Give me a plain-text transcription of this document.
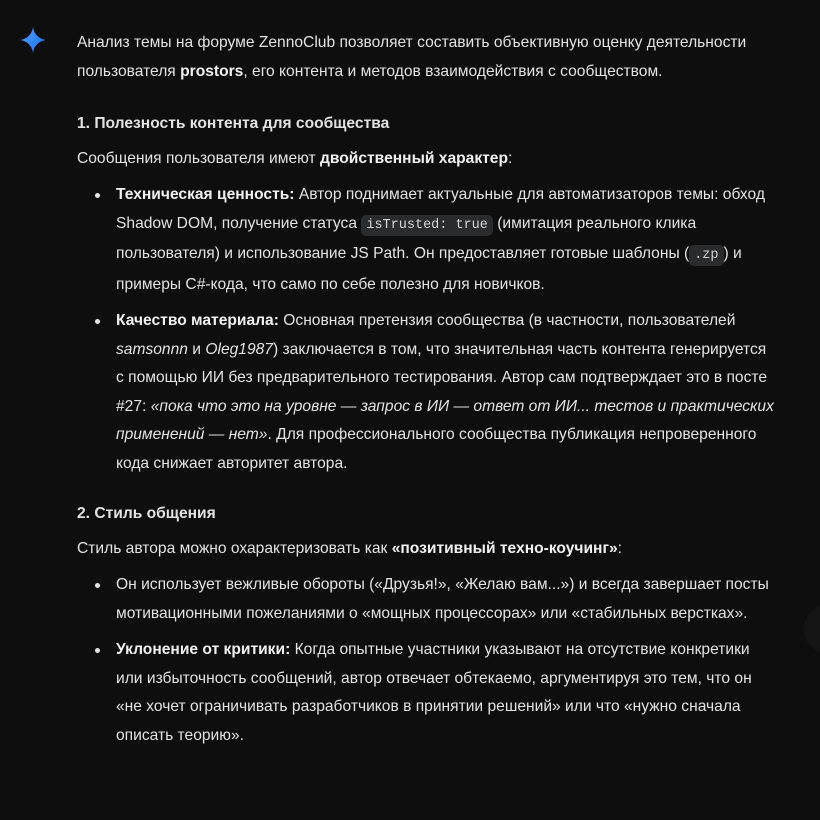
Анализ темы на форуме ZennoClub позволяет составить объективную оценку деятельности пользователя prostors, его контента и методов взаимодействия с сообществом.

1. Полезность контента для сообщества

Сообщения пользователя имеют двойственный характер:

Техническая ценность: Автор поднимает актуальные для автоматизаторов темы: обход Shadow DOM, получение статуса isTrusted: true (имитация реального клика пользователя) и использование JS Path. Он предоставляет готовые шаблоны ( .zp ) и примеры C#-кода, что само по себе полезно для новичков.
Качество материала: Основная претензия сообщества (в частности, пользователей samsonnn и Oleg1987) заключается в том, что значительная часть контента генерируется с помощью ИИ без предварительного тестирования. Автор сам подтверждает это в посте #27: «пока что это на уровне — запрос в ИИ — ответ от ИИ... тестов и практических применений — нет». Для профессионального сообщества публикация непроверенного кода снижает авторитет автора.
2. Стиль общения

Стиль автора можно охарактеризовать как «позитивный техно-коучинг»:

Он использует вежливые обороты («Друзья!», «Желаю вам...») и всегда завершает посты мотивационными пожеланиями о «мощных процессорах» или «стабильных верстках».
Уклонение от критики: Когда опытные участники указывают на отсутствие конкретики или избыточность сообщений, автор отвечает обтекаемо, аргументируя это тем, что он «не хочет ограничивать разработчиков в принятии решений» или что «нужно сначала описать теорию».
